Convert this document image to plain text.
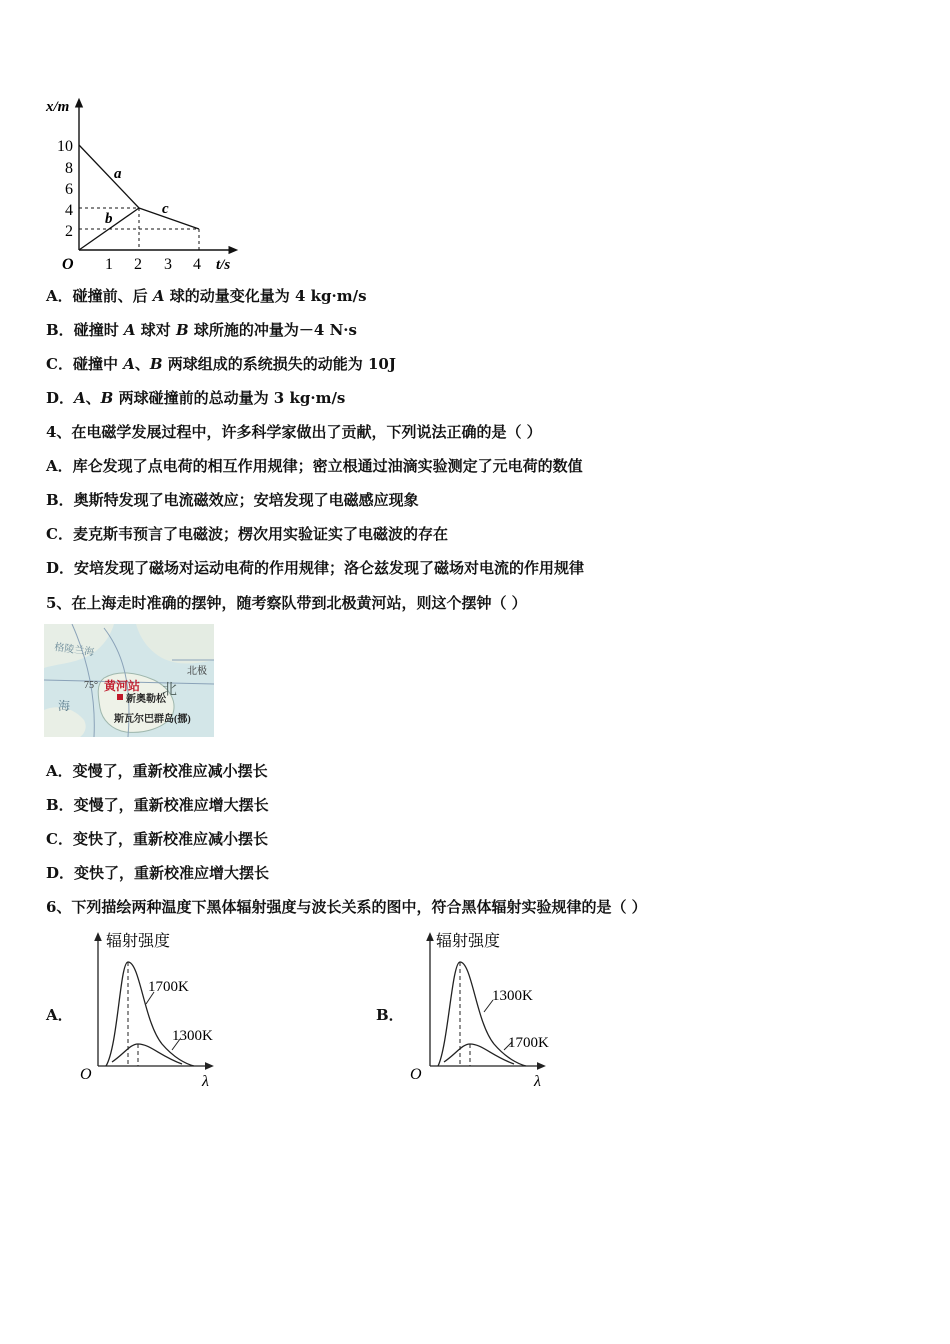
x/m
t/s
O
10
8
6
4
2
1 2 3 4
a
b
c
A．碰撞前、后 A 球的动量变化量为 4 kg·m/s
B．碰撞时 A 球对 B 球所施的冲量为－4 N·s
C．碰撞中 A、B 两球组成的系统损失的动能为 10J
D．A、B 两球碰撞前的总动量为 3 kg·m/s
4、在电磁学发展过程中，许多科学家做出了贡献，下列说法正确的是（ ）
A．库仑发现了点电荷的相互作用规律；密立根通过油滴实验测定了元电荷的数值
B．奥斯特发现了电流磁效应；安培发现了电磁感应现象
C．麦克斯韦预言了电磁波；楞次用实验证实了电磁波的存在
D．安培发现了磁场对运动电荷的作用规律；洛仑兹发现了磁场对电流的作用规律
5、在上海走时准确的摆钟，随考察队带到北极黄河站，则这个摆钟（ ）
格陵兰海
北极
75° 黄河站 北
新奥勒松
海
斯瓦尔巴群岛(挪)
A．变慢了，重新校准应减小摆长
B．变慢了，重新校准应增大摆长
C．变快了，重新校准应减小摆长
D．变快了，重新校准应增大摆长
6、下列描绘两种温度下黑体辐射强度与波长关系的图中，符合黑体辐射实验规律的是（ ）
A．
辐射强度
λ
O
1700K
1300K
B．
辐射强度
λ
O
1300K
1700K
